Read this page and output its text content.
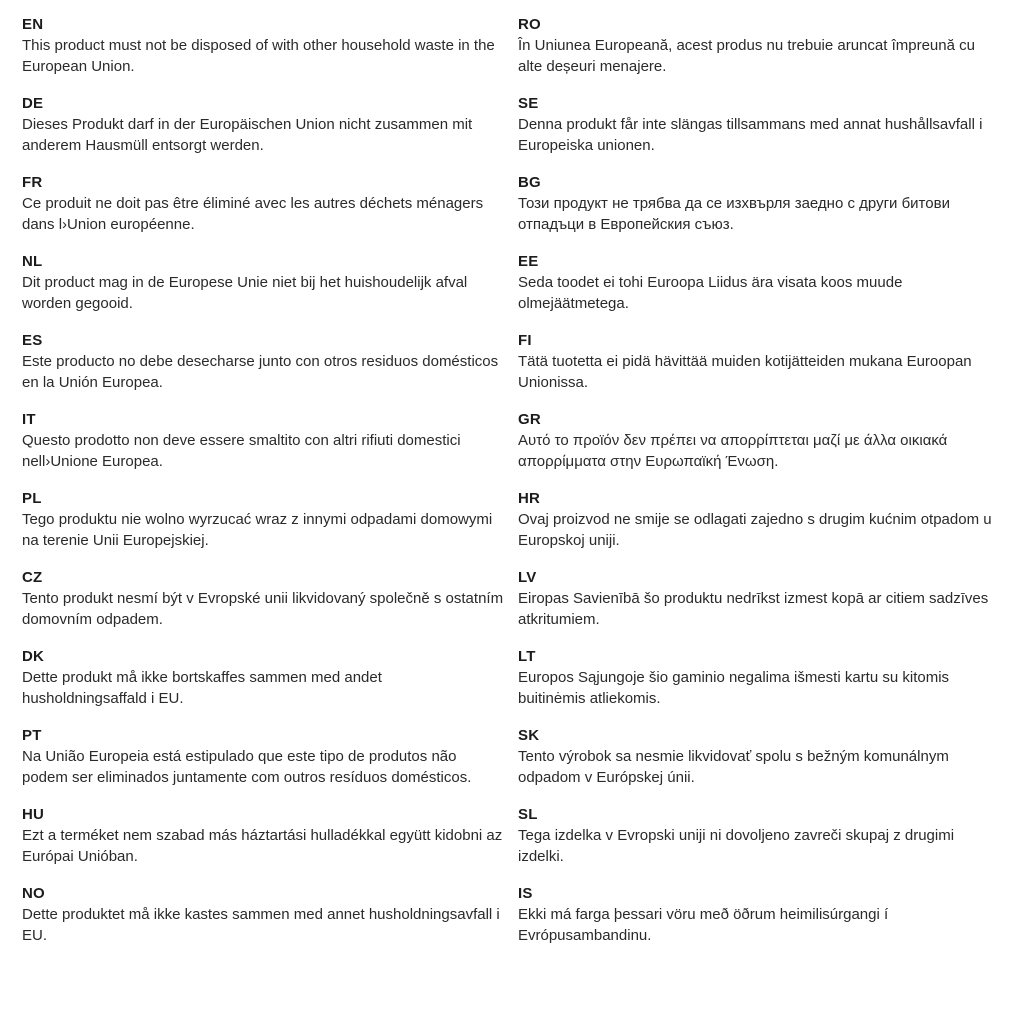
EN
This product must not be disposed of with other household waste in the European Union.
DE
Dieses Produkt darf in der Europäischen Union nicht zusammen mit anderem Hausmüll entsorgt werden.
FR
Ce produit ne doit pas être éliminé avec les autres déchets ménagers dans l›Union européenne.
NL
Dit product mag in de Europese Unie niet bij het huishoudelijk afval worden gegooid.
ES
Este producto no debe desecharse junto con otros residuos domésticos en la Unión Europea.
IT
Questo prodotto non deve essere smaltito con altri rifiuti domestici nell›Unione Europea.
PL
Tego produktu nie wolno wyrzucać wraz z innymi odpadami domowymi na terenie Unii Europejskiej.
CZ
Tento produkt nesmí být v Evropské unii likvidovaný společně s ostatním domovním odpadem.
DK
Dette produkt må ikke bortskaffes sammen med andet husholdningsaffald i EU.
PT
Na União Europeia está estipulado que este tipo de produtos não podem ser eliminados juntamente com outros resíduos domésticos.
HU
Ezt a terméket nem szabad más háztartási hulladékkal együtt kidobni az Európai Unióban.
NO
Dette produktet må ikke kastes sammen med annet husholdningsavfall i EU.
RO
În Uniunea Europeană, acest produs nu trebuie aruncat împreună cu alte deșeuri menajere.
SE
Denna produkt får inte slängas tillsammans med annat hushållsavfall i Europeiska unionen.
BG
Този продукт не трябва да се изхвърля заедно с други битови отпадъци в Европейския съюз.
EE
Seda toodet ei tohi Euroopa Liidus ära visata koos muude olmejäätmetega.
FI
Tätä tuotetta ei pidä hävittää muiden kotijätteiden mukana Euroopan Unionissa.
GR
Αυτό το προϊόν δεν πρέπει να απορρίπτεται μαζί με άλλα οικιακά απορρίμματα στην Ευρωπαϊκή Ένωση.
HR
Ovaj proizvod ne smije se odlagati zajedno s drugim kućnim otpadom u Europskoj uniji.
LV
Eiropas Savienībā šo produktu nedrīkst izmest kopā ar citiem sadzīves atkritumiem.
LT
Europos Sąjungoje šio gaminio negalima išmesti kartu su kitomis buitinėmis atliekomis.
SK
Tento výrobok sa nesmie likvidovať spolu s bežným komunálnym odpadom v Európskej únii.
SL
Tega izdelka v Evropski uniji ni dovoljeno zavreči skupaj z drugimi izdelki.
IS
Ekki má farga þessari vöru með öðrum heimilisúrgangi í Evrópusambandinu.
